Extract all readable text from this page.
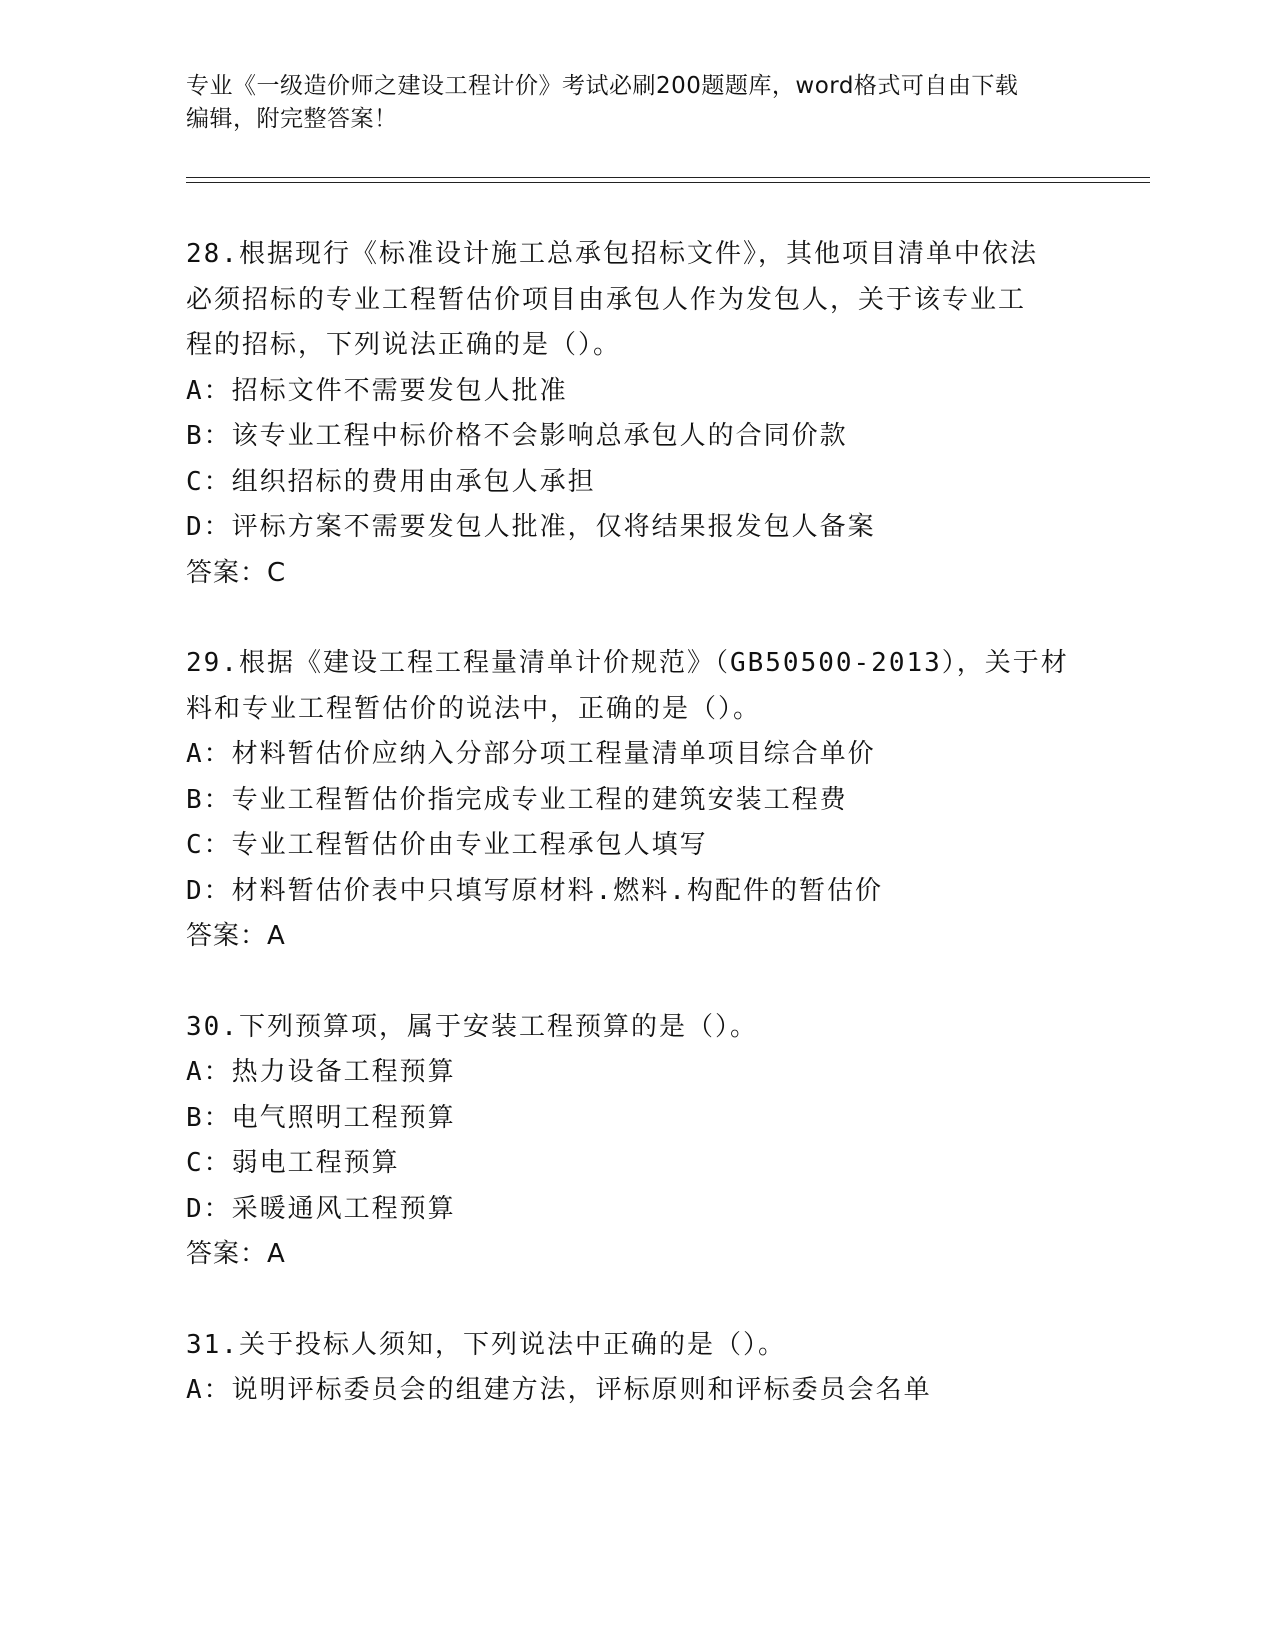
专业《一级造价师之建设工程计价》考试必刷200题题库，word格式可自由下载
编辑，附完整答案！
28.根据现行《标准设计施工总承包招标文件》，其他项目清单中依法
必须招标的专业工程暂估价项目由承包人作为发包人，关于该专业工
程的招标，下列说法正确的是（）。
A：招标文件不需要发包人批准
B：该专业工程中标价格不会影响总承包人的合同价款
C：组织招标的费用由承包人承担
D：评标方案不需要发包人批准，仅将结果报发包人备案
答案：C
29.根据《建设工程工程量清单计价规范》（GB50500-2013），关于材
料和专业工程暂估价的说法中，正确的是（）。
A：材料暂估价应纳入分部分项工程量清单项目综合单价
B：专业工程暂估价指完成专业工程的建筑安装工程费
C：专业工程暂估价由专业工程承包人填写
D：材料暂估价表中只填写原材料.燃料.构配件的暂估价
答案：A
30.下列预算项，属于安装工程预算的是（）。
A：热力设备工程预算
B：电气照明工程预算
C：弱电工程预算
D：采暖通风工程预算
答案：A
31.关于投标人须知，下列说法中正确的是（）。
A：说明评标委员会的组建方法，评标原则和评标委员会名单
